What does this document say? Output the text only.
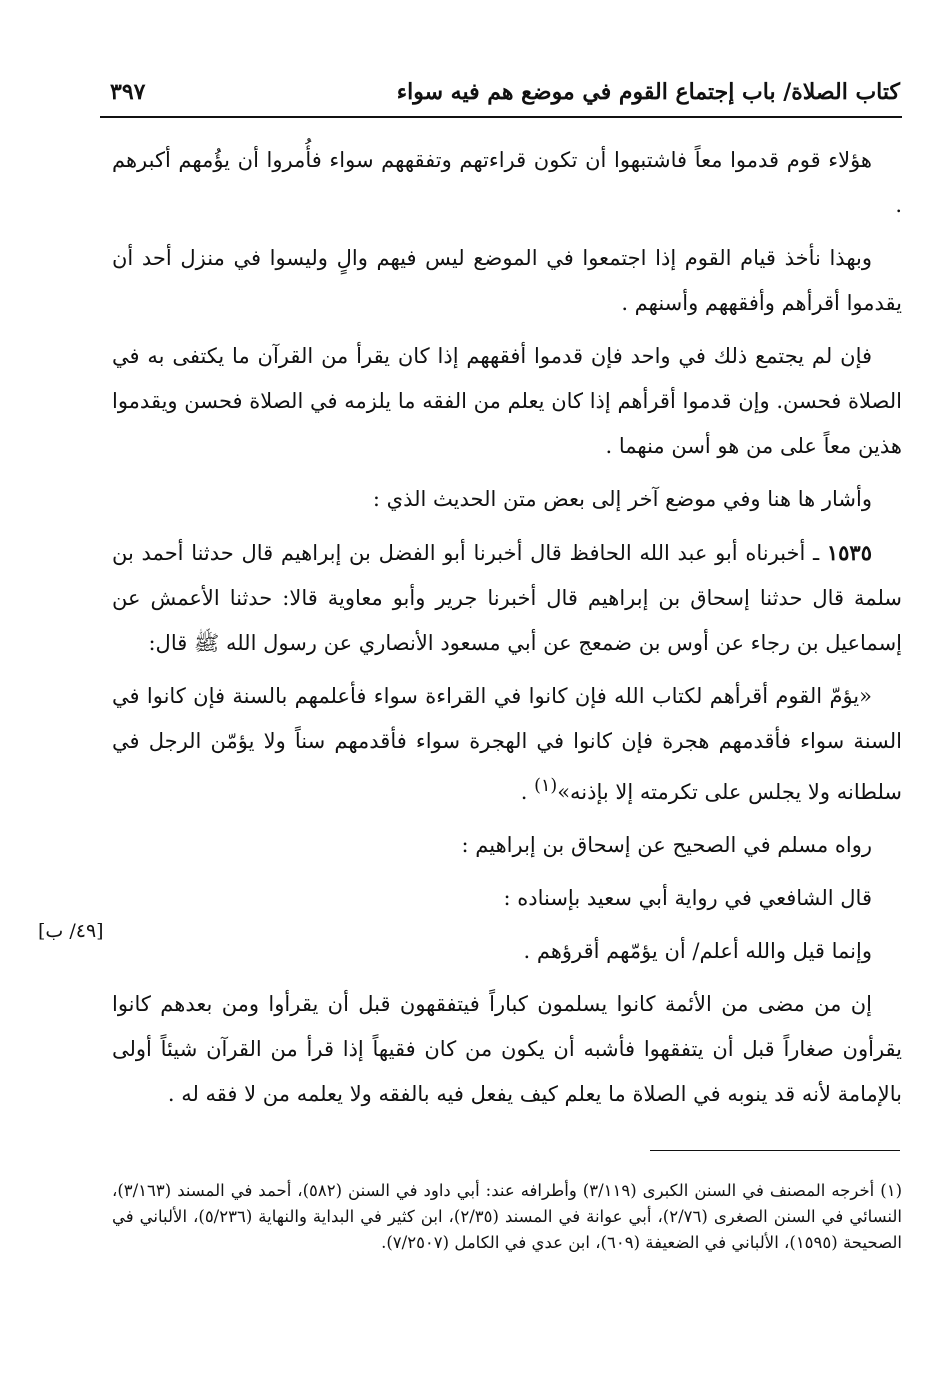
كتاب الصلاة/ باب إجتماع القوم في موضع هم فيه سواء
٣٩٧

هؤلاء قوم قدموا معاً فاشتبهوا أن تكون قراءتهم وتفقههم سواء فأُمروا أن يؤُمهم أكبرهم .

وبهذا نأخذ قيام القوم إذا اجتمعوا في الموضع ليس فيهم والٍ وليسوا في منزل أحد أن يقدموا أقرأهم وأفقههم وأسنهم .

فإن لم يجتمع ذلك في واحد فإن قدموا أفقههم إذا كان يقرأ من القرآن ما يكتفى به في الصلاة فحسن. وإن قدموا أقرأهم إذا كان يعلم من الفقه ما يلزمه في الصلاة فحسن ويقدموا هذين معاً على من هو أسن منهما .

وأشار ها هنا وفي موضع آخر إلى بعض متن الحديث الذي :

١٥٣٥ ـ أخبرناه أبو عبد الله الحافظ قال أخبرنا أبو الفضل بن إبراهيم قال حدثنا أحمد بن سلمة قال حدثنا إسحاق بن إبراهيم قال أخبرنا جرير وأبو معاوية قالا: حدثنا الأعمش عن إسماعيل بن رجاء عن أوس بن ضمعج عن أبي مسعود الأنصاري عن رسول الله ﷺ قال:

«يؤمّ القوم أقرأهم لكتاب الله فإن كانوا في القراءة سواء فأعلمهم بالسنة فإن كانوا في السنة سواء فأقدمهم هجرة فإن كانوا في الهجرة سواء فأقدمهم سناً ولا يؤمّن الرجل في سلطانه ولا يجلس على تكرمته إلا بإذنه»$^{(١)}$ .

رواه مسلم في الصحيح عن إسحاق بن إبراهيم :

قال الشافعي في رواية أبي سعيد بإسناده :

وإنما قيل والله أعلم/ أن يؤمّهم أقرؤهم .

إن من مضى من الأئمة كانوا يسلمون كباراً فيتفقهون قبل أن يقرأوا ومن بعدهم كانوا يقرأون صغاراً قبل أن يتفقهوا فأشبه أن يكون من كان فقيهاً إذا قرأ من القرآن شيئاً أولى بالإمامة لأنه قد ينوبه في الصلاة ما يعلم كيف يفعل فيه بالفقه ولا يعلمه من لا فقه له .

[٤٩/ ب]

(١) أخرجه المصنف في السنن الكبرى (٣/١١٩) وأطرافه عند: أبي داود في السنن (٥٨٢)، أحمد في المسند (٣/١٦٣)، النسائي في السنن الصغرى (٢/٧٦)، أبي عوانة في المسند (٢/٣٥)، ابن كثير في البداية والنهاية (٥/٢٣٦)، الألباني في الصحيحة (١٥٩٥)، الألباني في الضعيفة (٦٠٩)، ابن عدي في الكامل (٧/٢٥٠٧).
